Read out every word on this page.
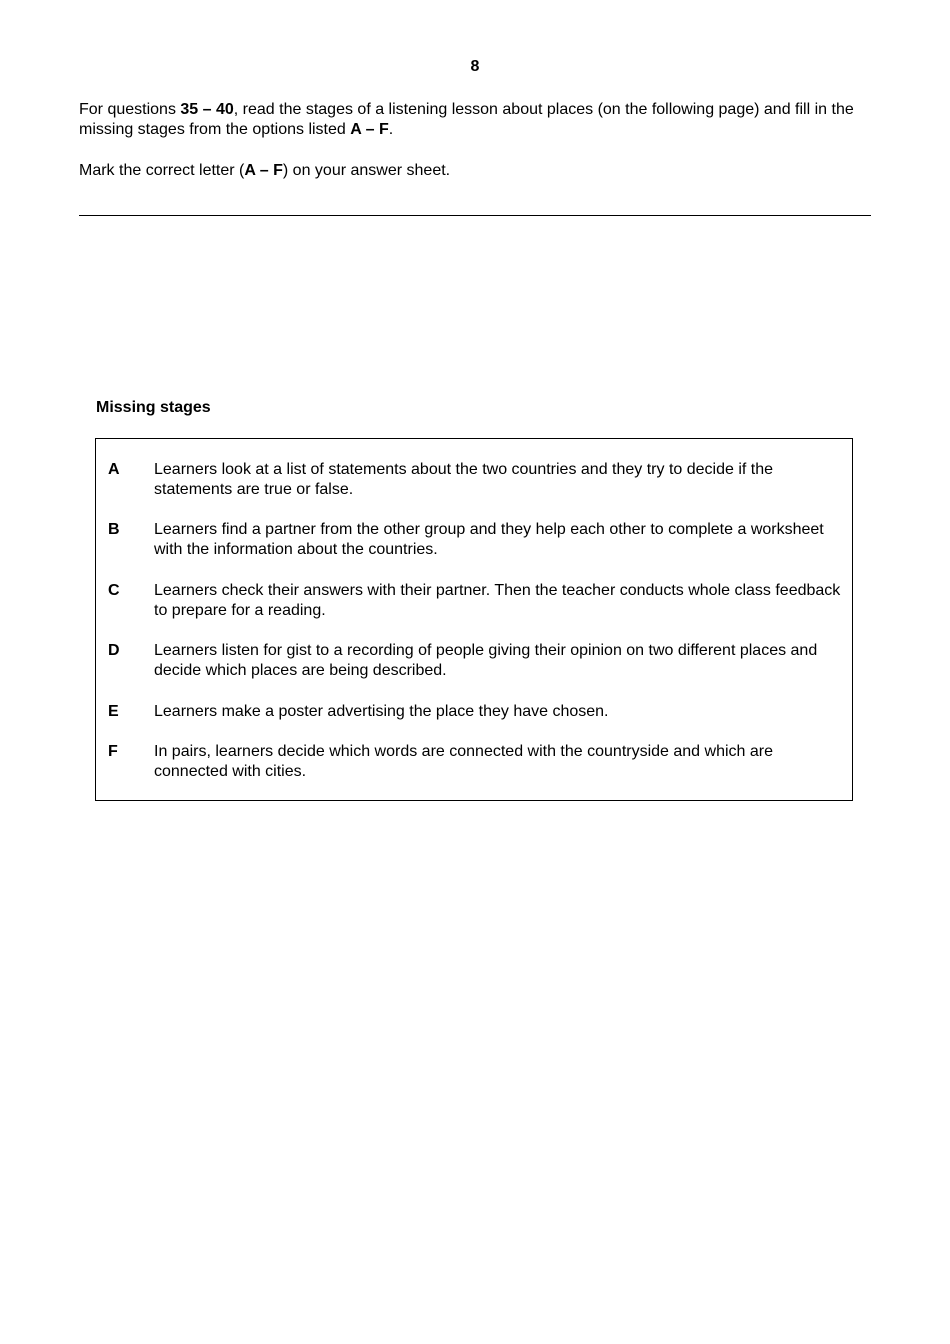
8

For questions 35 – 40, read the stages of a listening lesson about places (on the following page) and fill in the missing stages from the options listed A – F.

Mark the correct letter (A – F) on your answer sheet.

Missing stages
A	Learners look at a list of statements about the two countries and they try to decide if the statements are true or false.
B	Learners find a partner from the other group and they help each other to complete a worksheet with the information about the countries.
C	Learners check their answers with their partner. Then the teacher conducts whole class feedback to prepare for a reading.
D	Learners listen for gist to a recording of people giving their opinion on two different places and decide which places are being described.
E	Learners make a poster advertising the place they have chosen.
F	In pairs, learners decide which words are connected with the countryside and which are connected with cities.
